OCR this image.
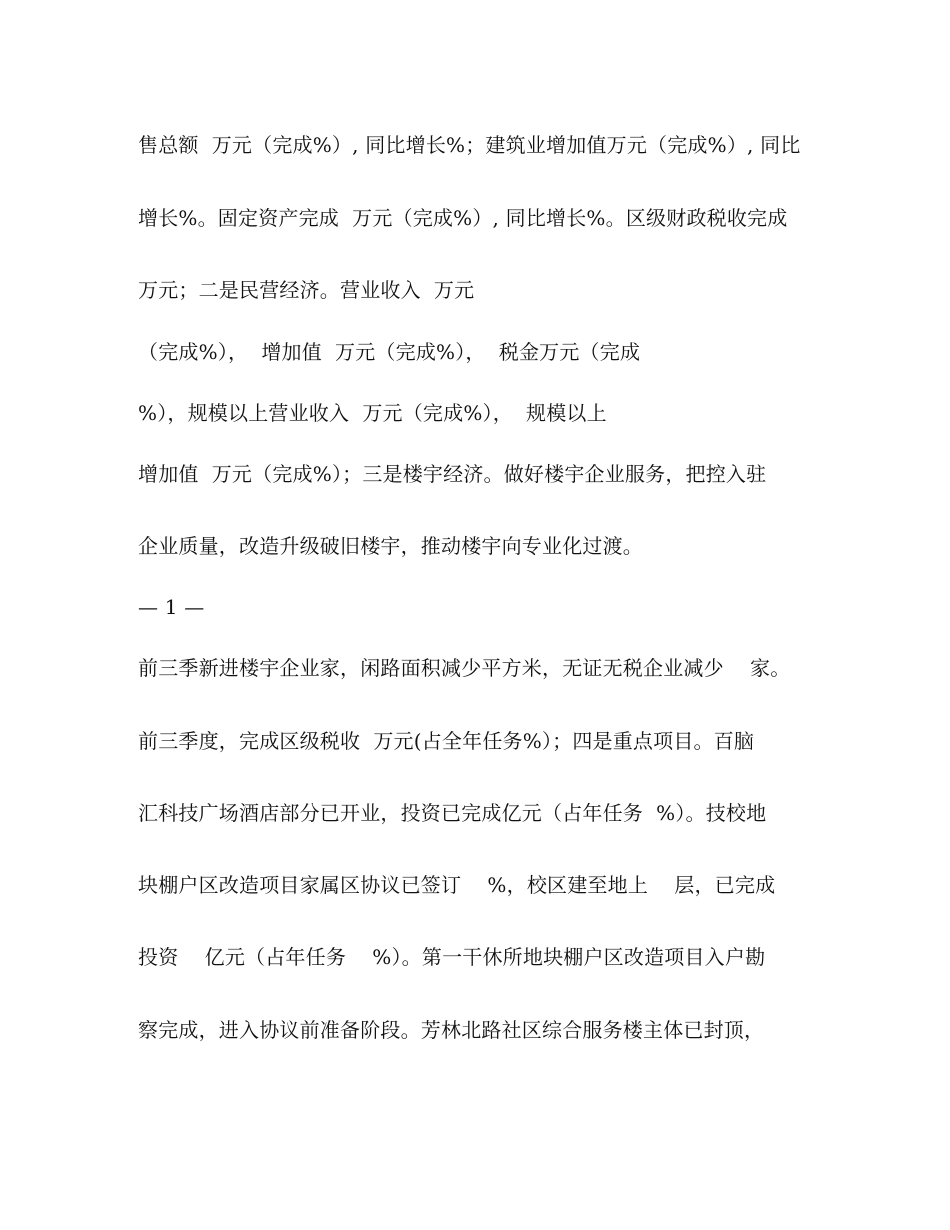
售总额  万元（完成%）, 同比增长%；建筑业增加值万元（完成%）, 同比
增长%。固定资产完成  万元（完成%）, 同比增长%。区级财政税收完成
万元；二是民营经济。营业收入  万元
（完成%），  增加值  万元（完成%），  税金万元（完成
%），规模以上营业收入  万元（完成%），  规模以上
增加值  万元（完成%）；三是楼宇经济。做好楼宇企业服务，把控入驻
企业质量，改造升级破旧楼宇，推动楼宇向专业化过渡。
— 1 —
前三季新进楼宇企业家，闲路面积减少平方米，无证无税企业减少    家。
前三季度，完成区级税收  万元(占全年任务%）；四是重点项目。百脑
汇科技广场酒店部分已开业，投资已完成亿元（占年任务  %）。技校地
块棚户区改造项目家属区协议已签订    %，校区建至地上    层，已完成
投资    亿元（占年任务    %）。第一干休所地块棚户区改造项目入户勘
察完成，进入协议前准备阶段。芳林北路社区综合服务楼主体已封顶，
